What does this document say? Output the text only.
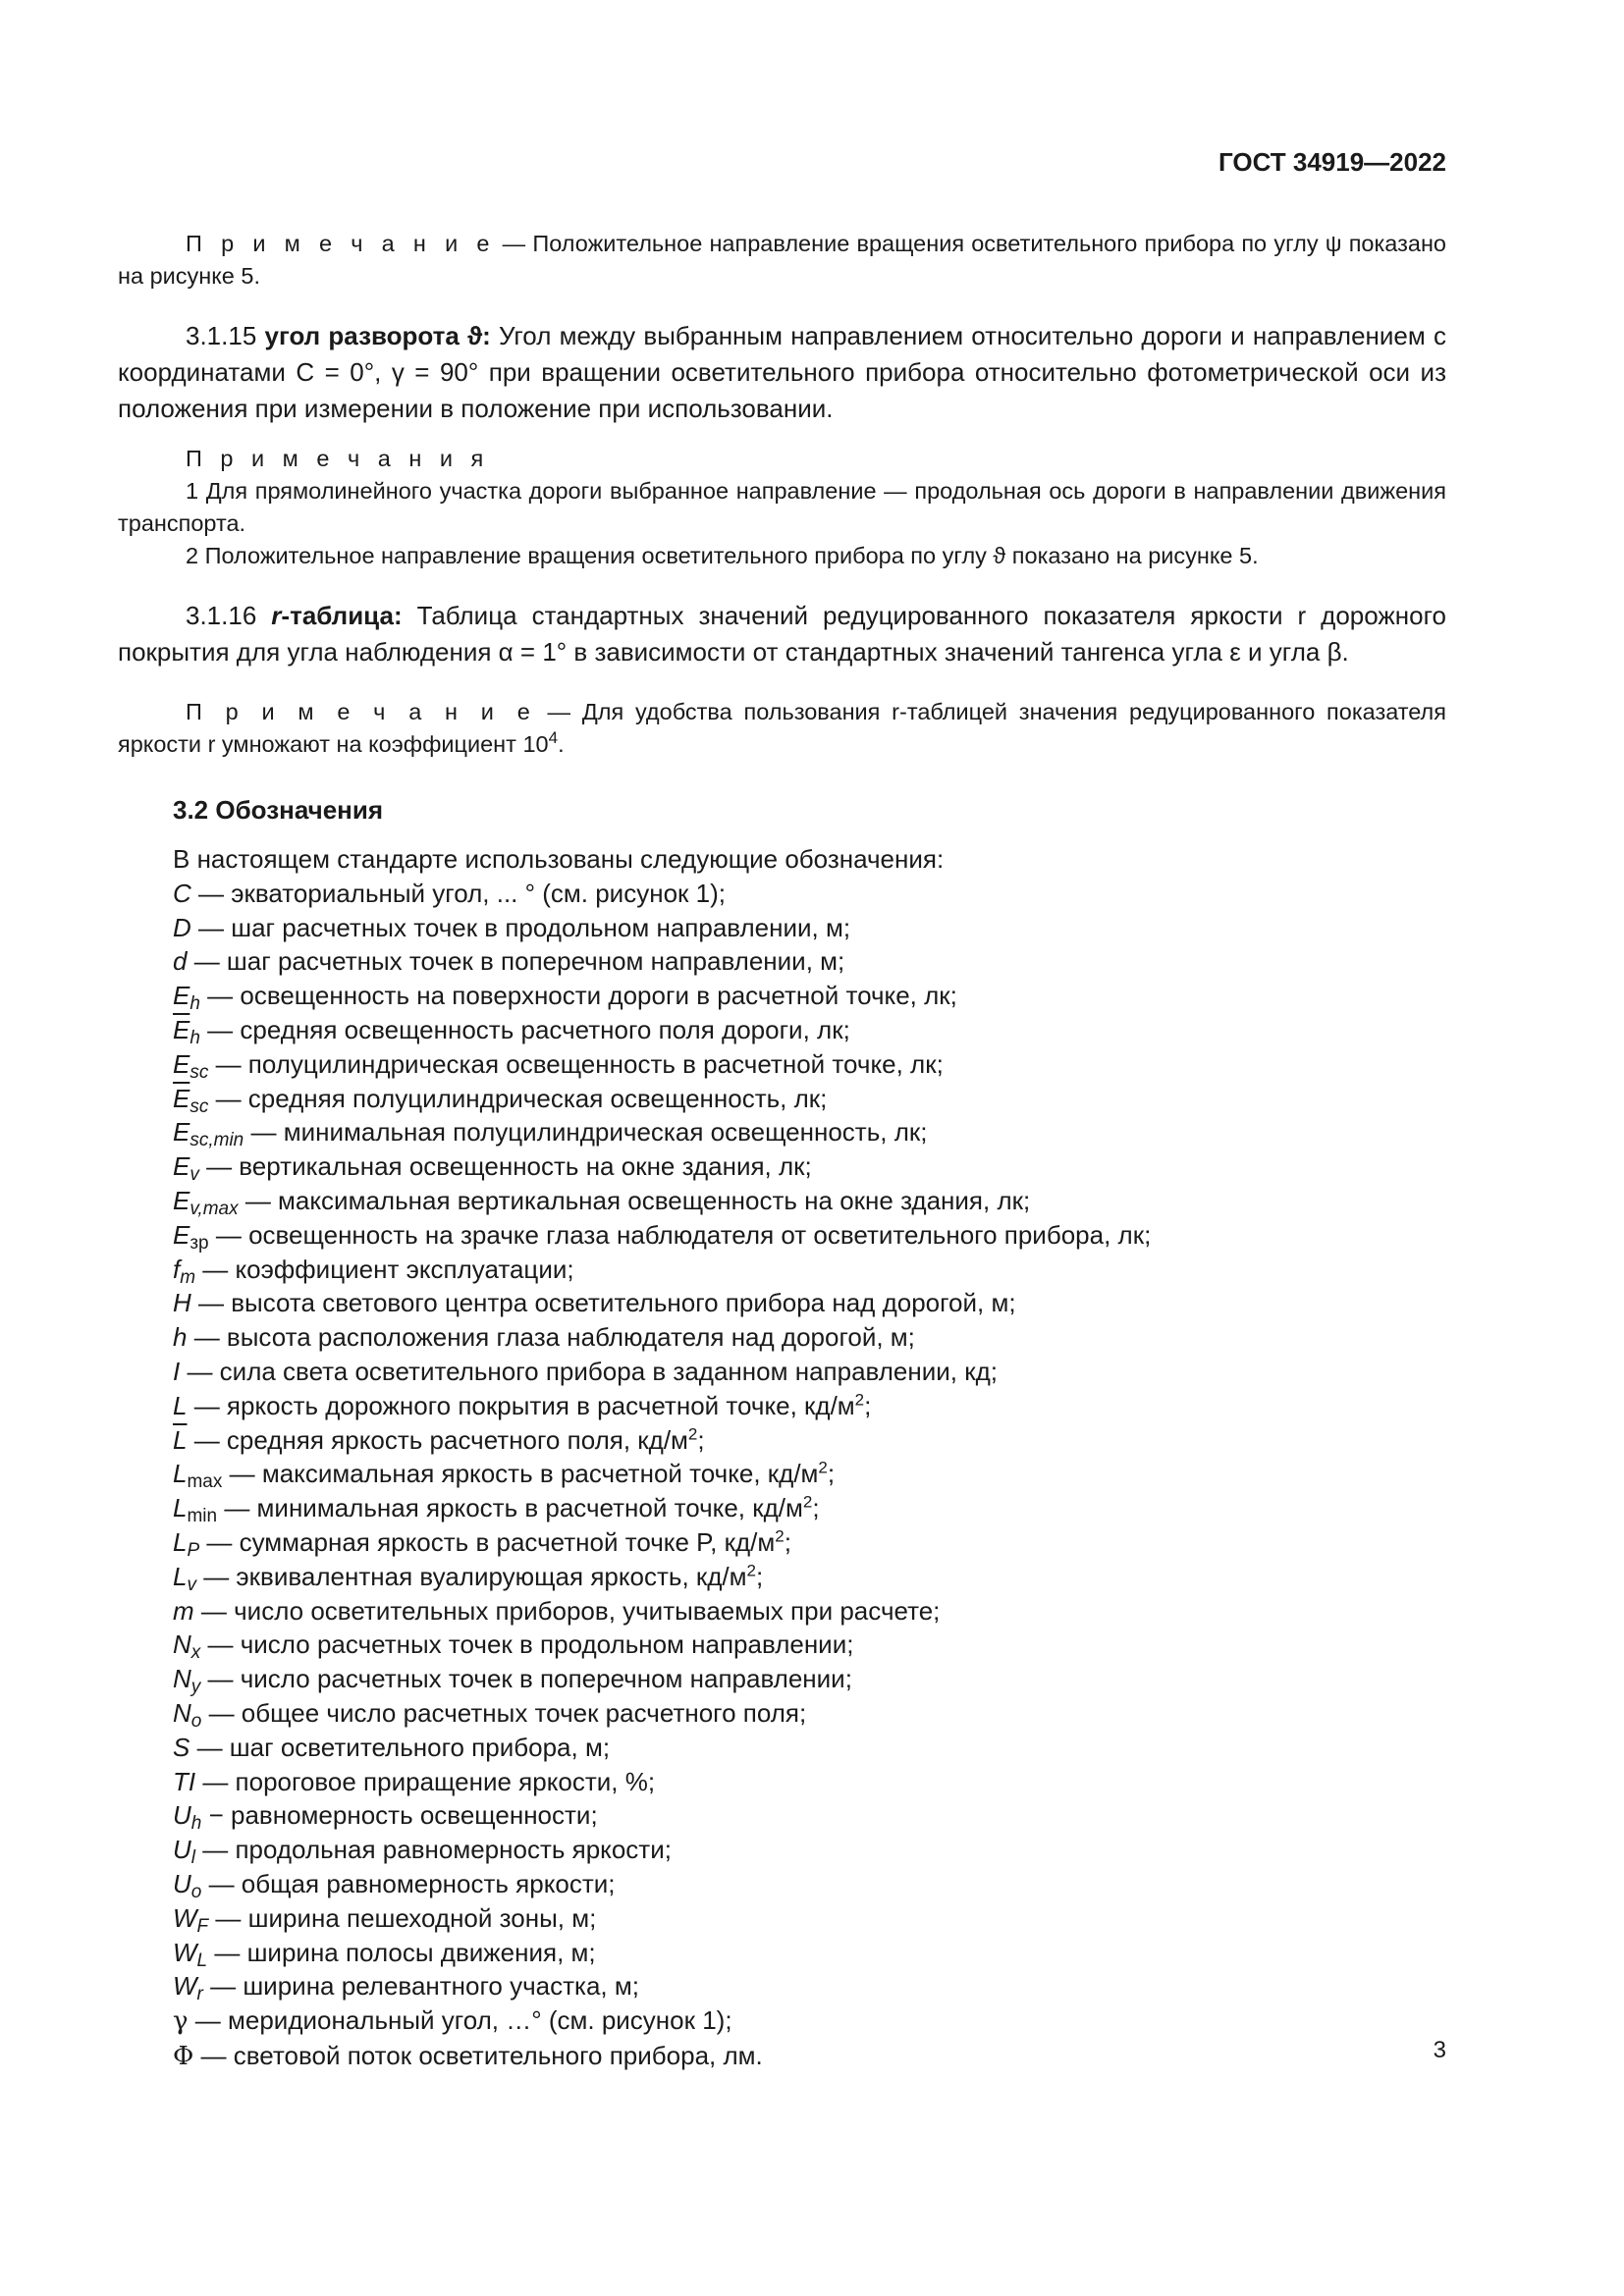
ГОСТ 34919—2022

П р и м е ч а н и е — Положительное направление вращения осветительного прибора по углу ψ показано на рисунке 5.

3.1.15 угол разворота ϑ: Угол между выбранным направлением относительно дороги и направлением с координатами C = 0°, γ = 90° при вращении осветительного прибора относительно фотометрической оси из положения при измерении в положение при использовании.

П р и м е ч а н и я

1 Для прямолинейного участка дороги выбранное направление — продольная ось дороги в направлении движения транспорта.

2 Положительное направление вращения осветительного прибора по углу ϑ показано на рисунке 5.

3.1.16 r-таблица: Таблица стандартных значений редуцированного показателя яркости r дорожного покрытия для угла наблюдения α = 1° в зависимости от стандартных значений тангенса угла ε и угла β.

П р и м е ч а н и е — Для удобства пользования r-таблицей значения редуцированного показателя яркости r умножают на коэффициент $10^4$.

3.2 Обозначения

В настоящем стандарте использованы следующие обозначения:

C — экваториальный угол, ... ° (см. рисунок 1);

D — шаг расчетных точек в продольном направлении, м;

d — шаг расчетных точек в поперечном направлении, м;

$E_h$ — освещенность на поверхности дороги в расчетной точке, лк;

$\overline{E}_h$ — средняя освещенность расчетного поля дороги, лк;

$E_{sc}$ — полуцилиндрическая освещенность в расчетной точке, лк;

$\overline{E}_{sc}$ — средняя полуцилиндрическая освещенность, лк;

$E_{sc,min}$ — минимальная полуцилиндрическая освещенность, лк;

$E_v$ — вертикальная освещенность на окне здания, лк;

$E_{v,max}$ — максимальная вертикальная освещенность на окне здания, лк;

$E_{зр}$ — освещенность на зрачке глаза наблюдателя от осветительного прибора, лк;

$f_m$ — коэффициент эксплуатации;

H — высота светового центра осветительного прибора над дорогой, м;

h — высота расположения глаза наблюдателя над дорогой, м;

I — сила света осветительного прибора в заданном направлении, кд;

L — яркость дорожного покрытия в расчетной точке, $кд/м^2$;

$\overline{L}$ — средняя яркость расчетного поля, $кд/м^2$;

$L_{max}$ — максимальная яркость в расчетной точке, $кд/м^2$;

$L_{min}$ — минимальная яркость в расчетной точке, $кд/м^2$;

$L_P$ — суммарная яркость в расчетной точке P, $кд/м^2$;

$L_v$ — эквивалентная вуалирующая яркость, $кд/м^2$;

m — число осветительных приборов, учитываемых при расчете;

$N_x$ — число расчетных точек в продольном направлении;

$N_y$ — число расчетных точек в поперечном направлении;

$N_o$ — общее число расчетных точек расчетного поля;

S — шаг осветительного прибора, м;

TI — пороговое приращение яркости, %;

$U_h$ − равномерность освещенности;

$U_l$ — продольная равномерность яркости;

$U_o$ — общая равномерность яркости;

$W_F$ — ширина пешеходной зоны, м;

$W_L$ — ширина полосы движения, м;

$W_r$ — ширина релевантного участка, м;

γ — меридиональный угол, …° (см. рисунок 1);

Φ — световой поток осветительного прибора, лм.	3
